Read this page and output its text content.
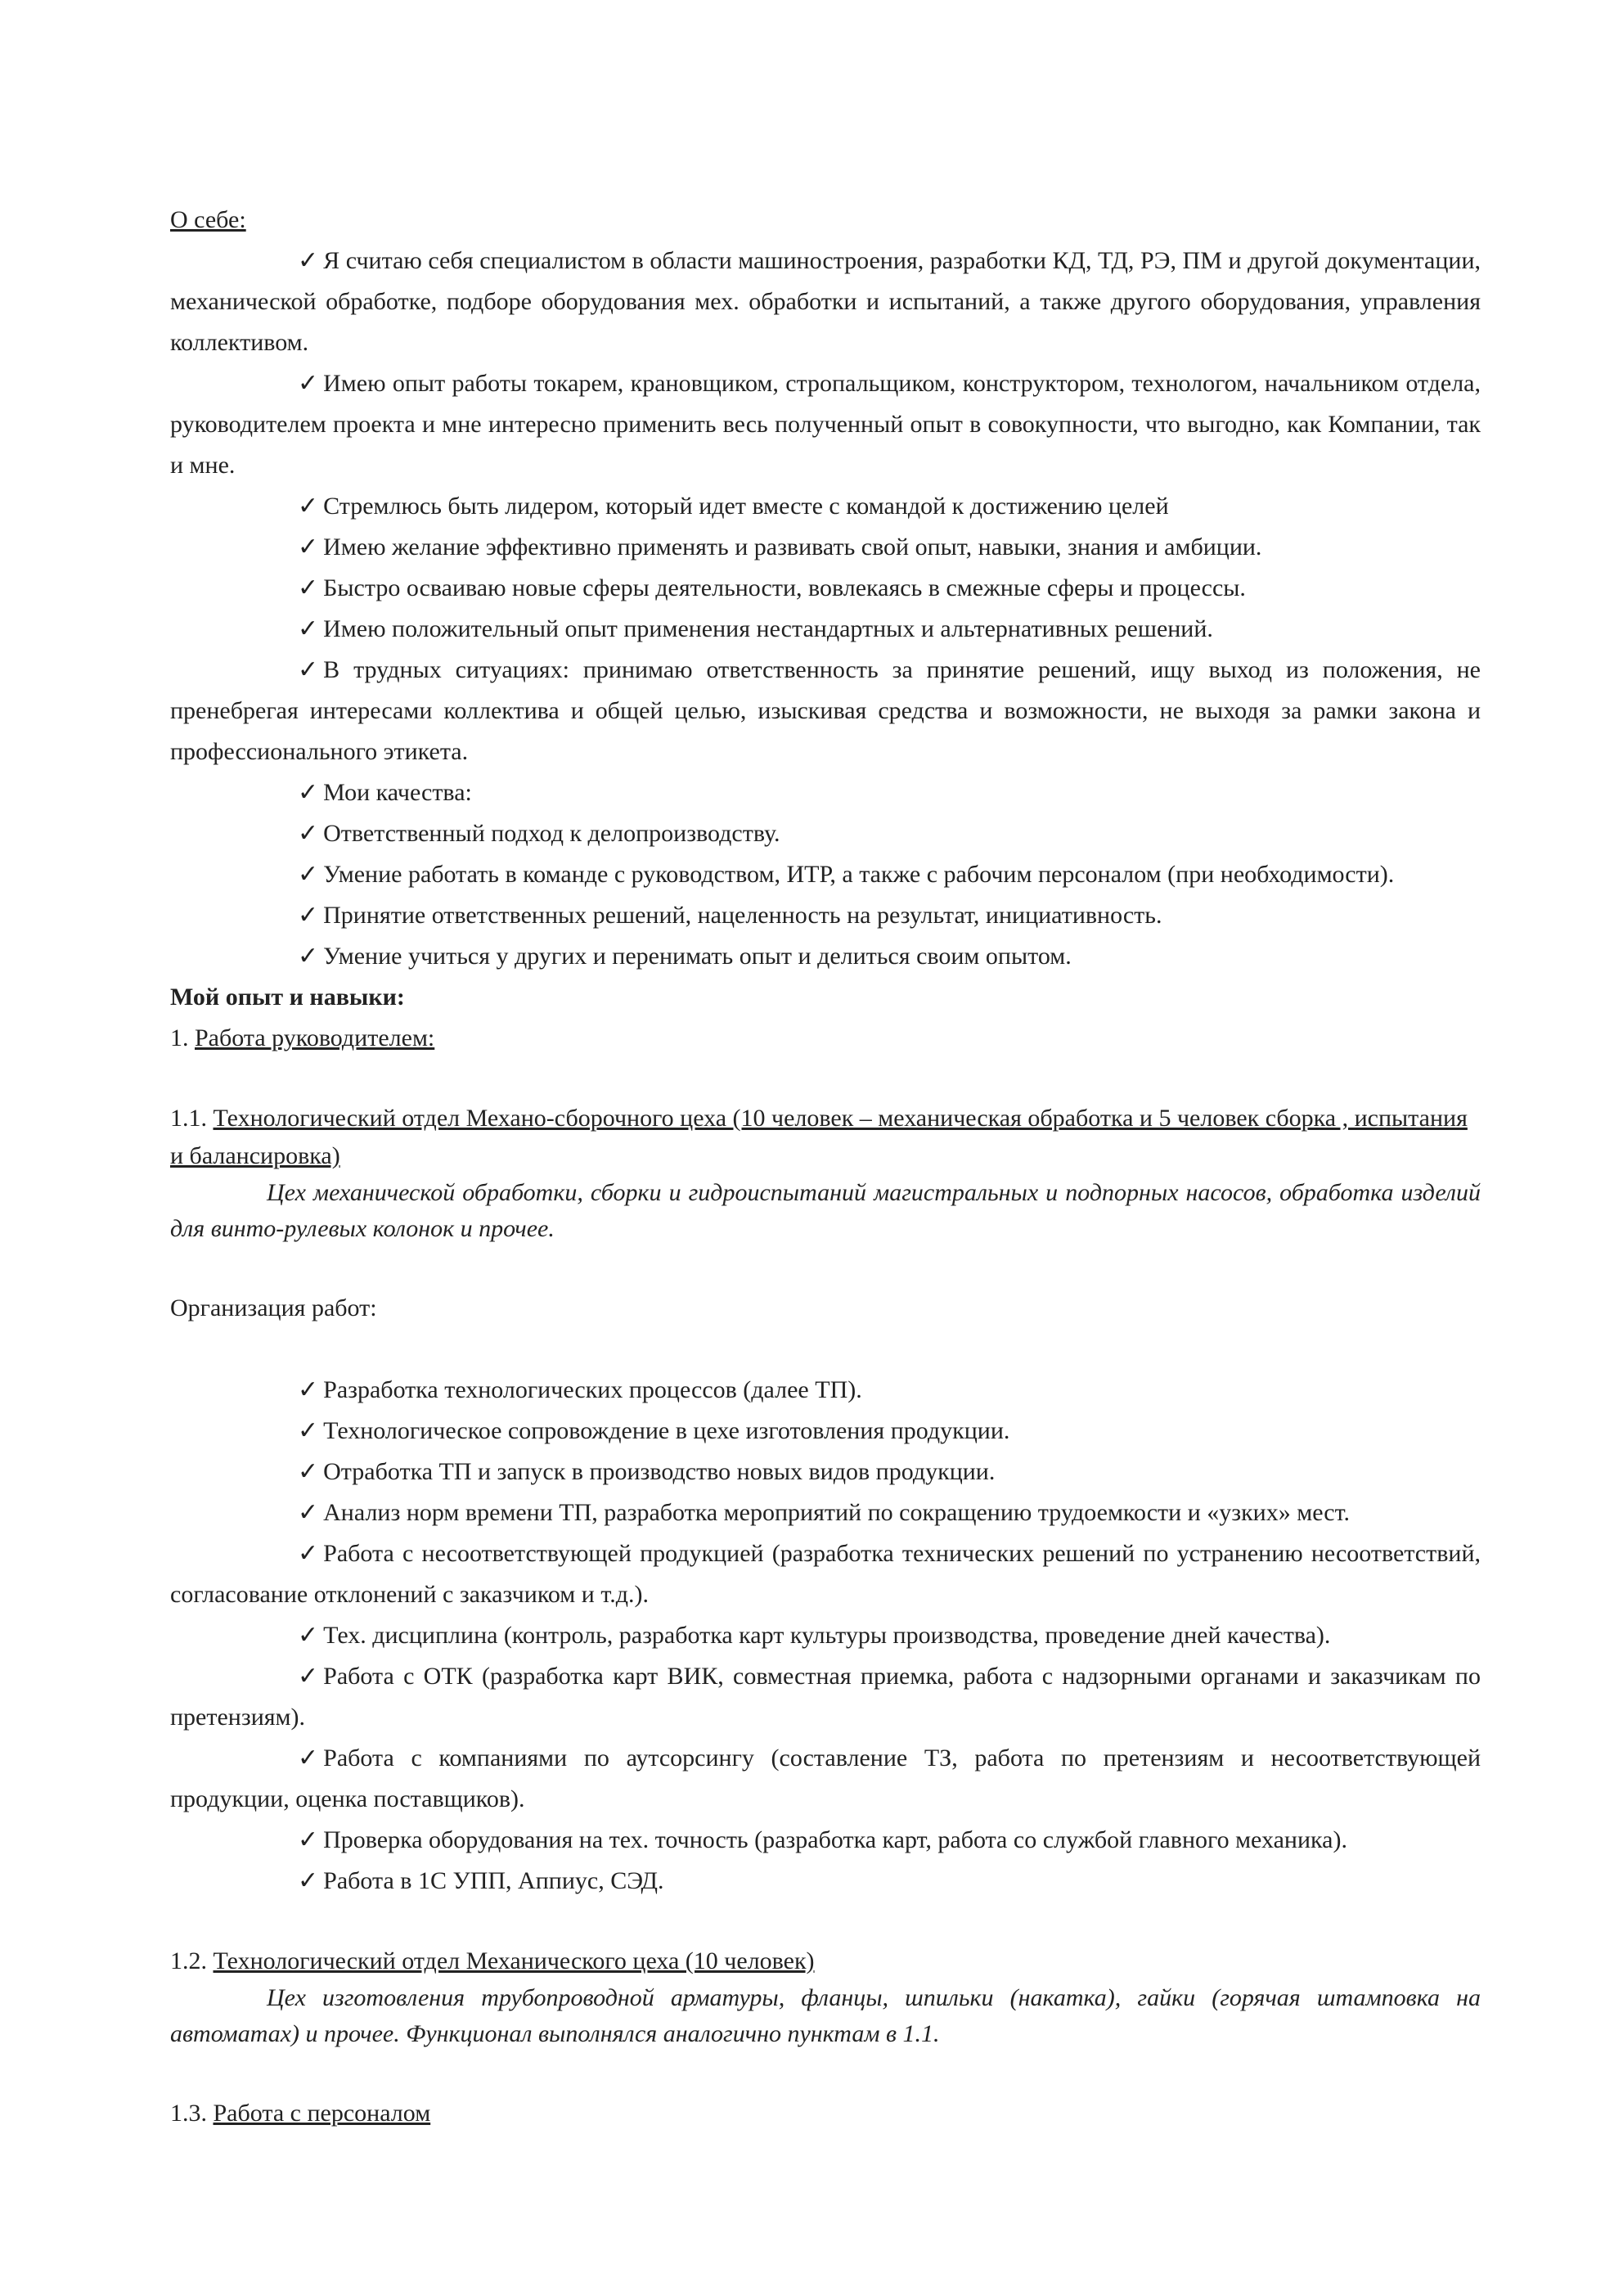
О себе:

✓ Я считаю себя специалистом в области машиностроения, разработки КД, ТД, РЭ, ПМ и другой документации, механической обработке, подборе оборудования мех. обработки и испытаний, а также другого оборудования, управления коллективом.

✓ Имею опыт работы токарем, крановщиком, стропальщиком, конструктором, технологом, начальником отдела, руководителем проекта и мне интересно применить весь полученный опыт в совокупности, что выгодно, как Компании, так и мне.

✓ Стремлюсь быть лидером, который идет вместе с командой к достижению целей

✓ Имею желание эффективно применять и развивать свой опыт, навыки, знания и амбиции.

✓ Быстро осваиваю новые сферы деятельности, вовлекаясь в смежные сферы и процессы.

✓ Имею положительный опыт применения нестандартных и альтернативных решений.

✓ В трудных ситуациях: принимаю ответственность за принятие решений, ищу выход из положения, не пренебрегая интересами коллектива и общей целью, изыскивая средства и возможности, не выходя за рамки закона и профессионального этикета.

✓ Мои качества:

✓ Ответственный подход к делопроизводству.

✓ Умение работать в команде с руководством, ИТР, а также с рабочим персоналом (при необходимости).

✓ Принятие ответственных решений, нацеленность на результат, инициативность.

✓ Умение учиться у других и перенимать опыт и делиться своим опытом.

Мой опыт и навыки:

1. Работа руководителем:

1.1. Технологический отдел Механо-сборочного цеха (10 человек – механическая обработка и 5 человек сборка , испытания и балансировка)

Цех механической обработки, сборки и гидроиспытаний магистральных и подпорных насосов, обработка изделий для винто-рулевых колонок и прочее.

Организация работ:

✓ Разработка технологических процессов (далее ТП).

✓ Технологическое сопровождение в цехе изготовления продукции.

✓ Отработка ТП и запуск в производство новых видов продукции.

✓ Анализ норм времени ТП, разработка мероприятий по сокращению трудоемкости и «узких» мест.

✓ Работа с несоответствующей продукцией (разработка технических решений по устранению несоответствий, согласование отклонений с заказчиком и т.д.).

✓ Тех. дисциплина (контроль, разработка карт культуры производства, проведение дней качества).

✓ Работа с ОТК (разработка карт ВИК, совместная приемка, работа с надзорными органами и заказчикам по претензиям).

✓ Работа с компаниями по аутсорсингу (составление ТЗ, работа по претензиям и несоответствующей продукции, оценка поставщиков).

✓ Проверка оборудования на тех. точность (разработка карт, работа со службой главного механика).

✓ Работа в 1С УПП, Аппиус, СЭД.

1.2. Технологический отдел Механического цеха (10 человек)

Цех изготовления трубопроводной арматуры, фланцы, шпильки (накатка), гайки (горячая штамповка на автоматах) и прочее. Функционал выполнялся аналогично пунктам в 1.1.

1.3. Работа с персоналом
